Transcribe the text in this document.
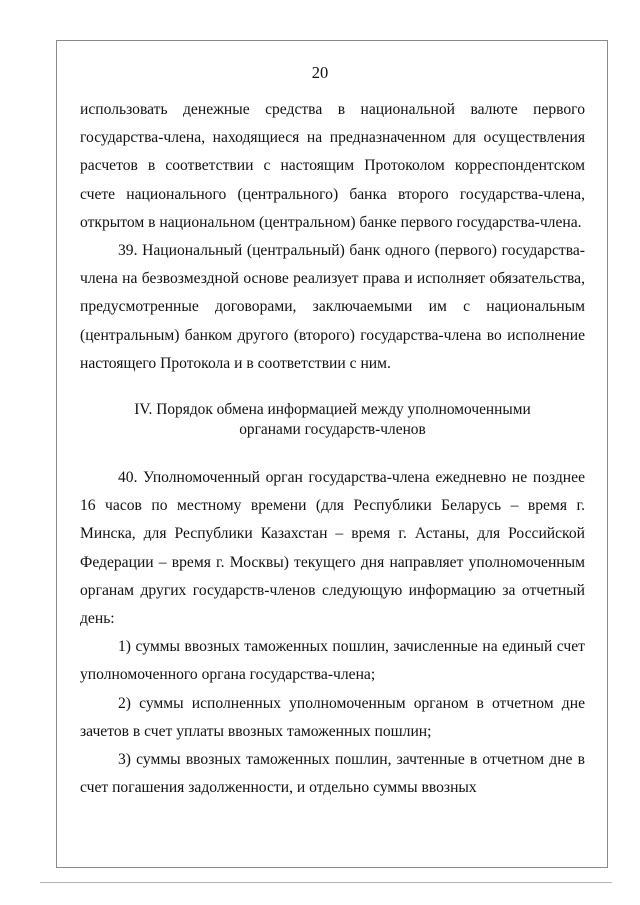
20

использовать денежные средства в национальной валюте первого государства-члена, находящиеся на предназначенном для осуществления расчетов в соответствии с настоящим Протоколом корреспондентском счете национального (центрального) банка второго государства-члена, открытом в национальном (центральном) банке первого государства-члена.

39. Национальный (центральный) банк одного (первого) государства-члена на безвозмездной основе реализует права и исполняет обязательства, предусмотренные договорами, заключаемыми им с национальным (центральным) банком другого (второго) государства-члена во исполнение настоящего Протокола и в соответствии с ним.

IV. Порядок обмена информацией между уполномоченными
органами государств-членов

40. Уполномоченный орган государства-члена ежедневно не позднее 16 часов по местному времени (для Республики Беларусь – время г. Минска, для Республики Казахстан – время г. Астаны, для Российской Федерации – время г. Москвы) текущего дня направляет уполномоченным органам других государств-членов следующую информацию за отчетный день:

1) суммы ввозных таможенных пошлин, зачисленные на единый счет уполномоченного органа государства-члена;

2) суммы исполненных уполномоченным органом в отчетном дне зачетов в счет уплаты ввозных таможенных пошлин;

3) суммы ввозных таможенных пошлин, зачтенные в отчетном дне в счет погашения задолженности, и отдельно суммы ввозных
